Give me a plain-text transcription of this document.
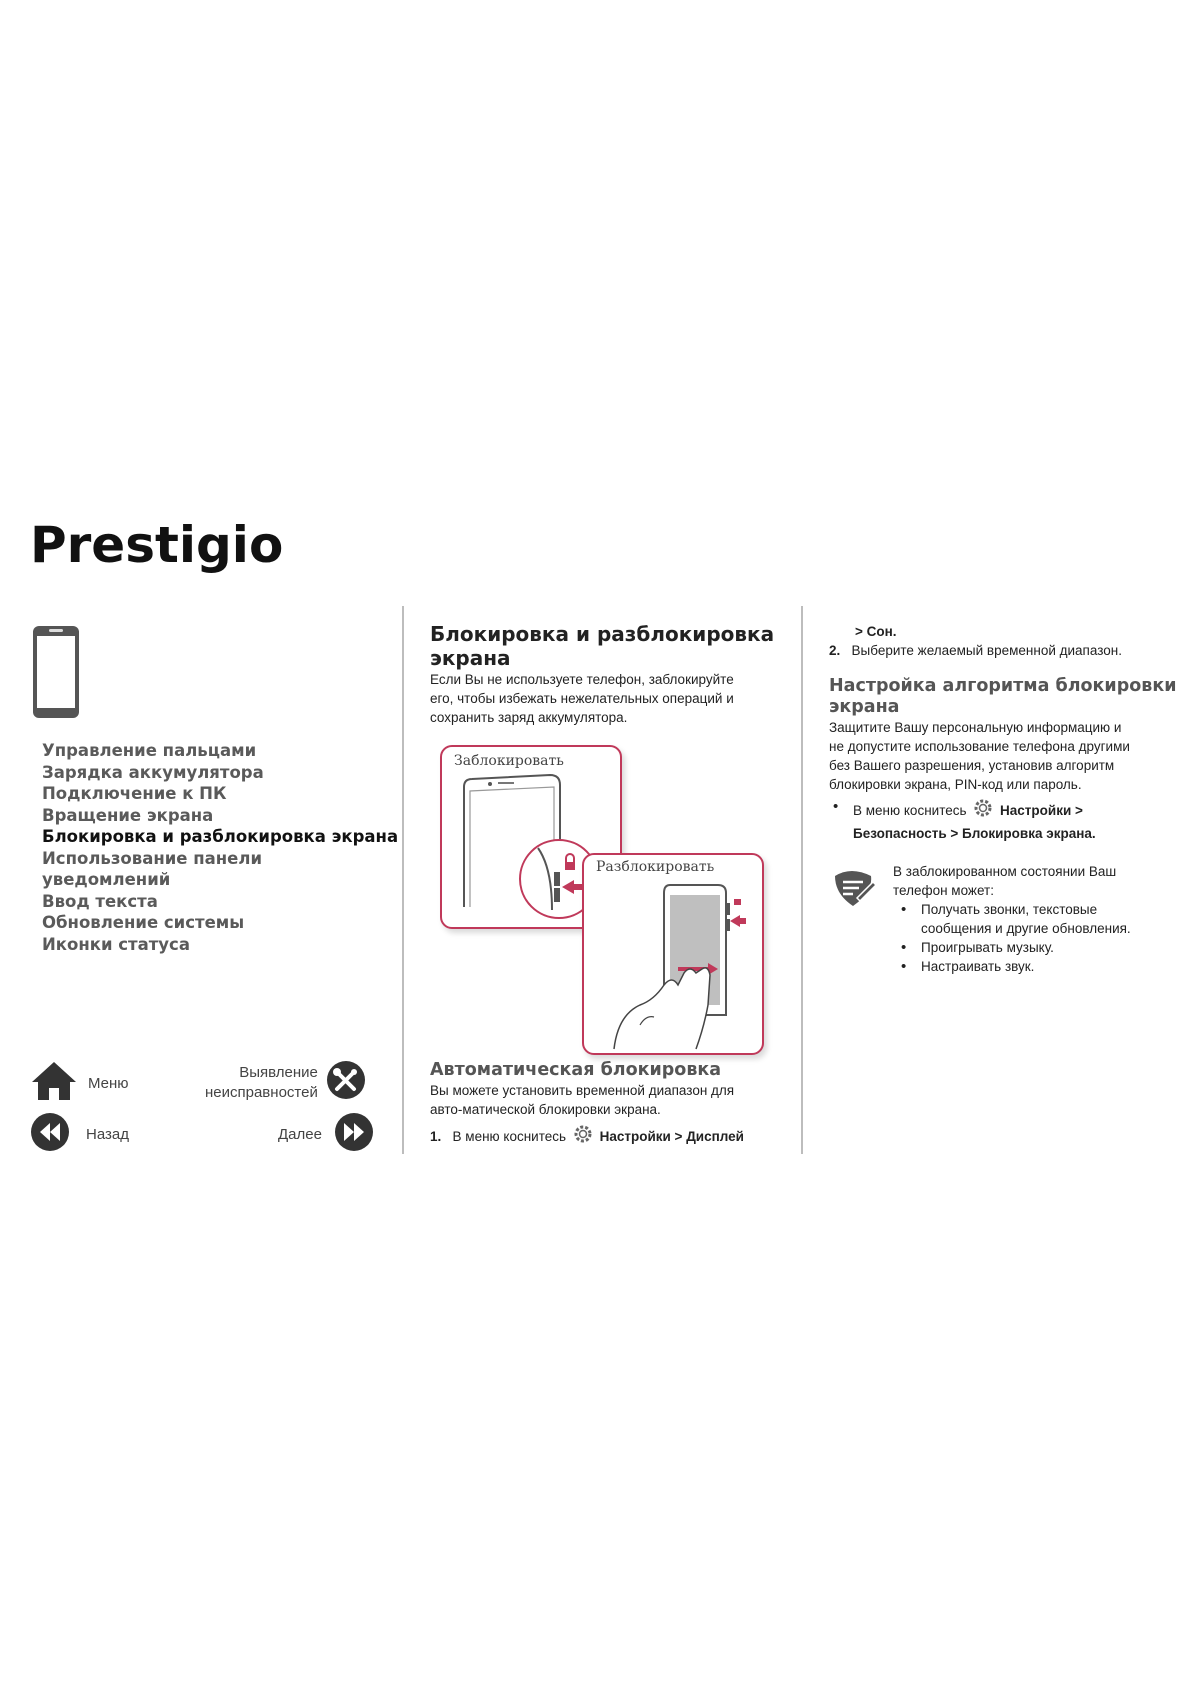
Prestigio
Управление пальцами
Зарядка аккумулятора
Подключение к ПК
Вращение экрана
Блокировка и разблокировка экрана
Использование панели
уведомлений
Ввод текста
Обновление системы
Иконки статуса
Меню
Выявление
неисправностей
Назад	Далее
Блокировка и разблокировка
экрана

Если Вы не используете телефон, заблокируйте
его, чтобы избежать нежелательных операций и
сохранить заряд аккумулятора.

Заблокировать
Разблокировать
Автоматическая блокировка

Вы можете установить временной диапазон для
авто-матической блокировки экрана.

1. В меню коснитесь Настройки > Дисплей

> Сон.

2. Выберите желаемый временной диапазон.

Настройка алгоритма блокировки
экрана

Защитите Вашу персональную информацию и
не допустите использование телефона другими
без Вашего разрешения, установив алгоритм
блокировки экрана, PIN-код или пароль.

• В меню коснитесь Настройки >
Безопасность > Блокировка экрана.

В заблокированном состоянии Ваш
телефон может:

• Получать звонки, текстовые
сообщения и другие обновления.
• Проигрывать музыку.
• Настраивать звук.
